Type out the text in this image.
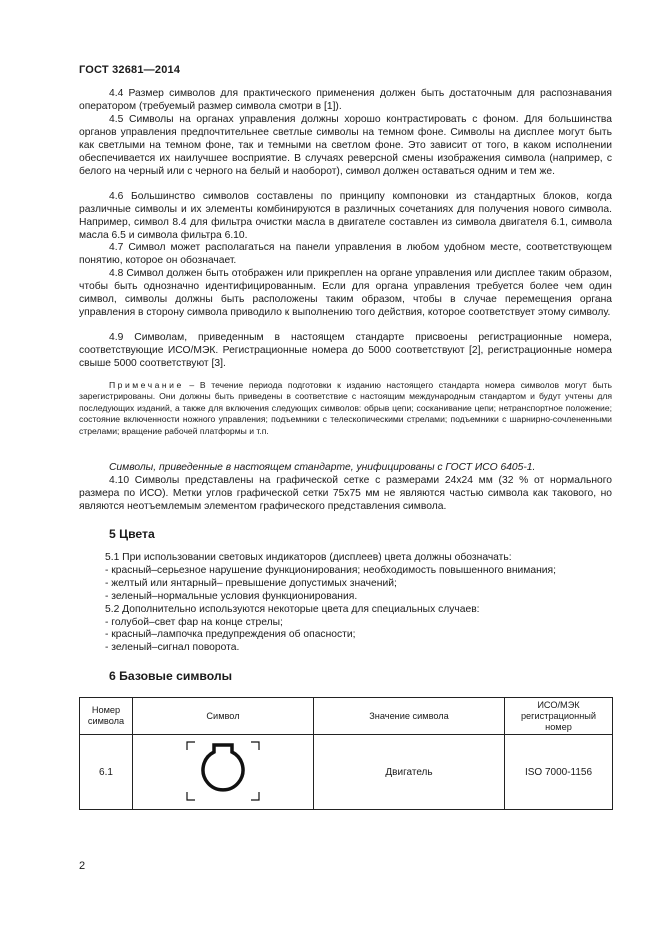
ГОСТ 32681—2014
4.4 Размер символов для практического применения должен быть достаточным для распознавания оператором (требуемый размер символа смотри в [1]).
4.5 Символы на органах управления должны хорошо контрастировать с фоном. Для большинства органов управления предпочтительнее светлые символы на темном фоне. Символы на дисплее могут быть как светлыми на темном фоне, так и темными на светлом фоне. Это зависит от того, в каком исполнении обеспечивается их наилучшее восприятие. В случаях реверсной смены изображения символа (например, с белого на черный или с черного на белый и наоборот), символ должен оставаться одним и тем же.
4.6 Большинство символов составлены по принципу компоновки из стандартных блоков, когда различные символы и их элементы комбинируются в различных сочетаниях для получения нового символа. Например, символ 8.4 для фильтра очистки масла в двигателе составлен из символа двигателя 6.1, символа масла 6.5 и символа фильтра 6.10.
4.7 Символ может располагаться на панели управления в любом удобном месте, соответствующем понятию, которое он обозначает.
4.8 Символ должен быть отображен или прикреплен на органе управления или дисплее таким образом, чтобы быть однозначно идентифицированным. Если для органа управления требуется более чем один символ, символы должны быть расположены таким образом, чтобы в случае перемещения органа управления в сторону символа приводило к выполнению того действия, которое соответствует этому символу.
4.9 Символам, приведенным в настоящем стандарте присвоены регистрационные номера, соответствующие ИСО/МЭК. Регистрационные номера до 5000 соответствуют [2], регистрационные номера свыше 5000 соответствуют [3].
Примечание – В течение периода подготовки к изданию настоящего стандарта номера символов могут быть зарегистрированы. Они должны быть приведены в соответствие с настоящим международным стандартом и будут учтены для последующих изданий, а также для включения следующих символов: обрыв цепи; сосканивание цепи; нетранспортное положение; состояние включенности ножного управления; подъемники с телескопическими стрелами; подъемники с шарнирно-сочлененными стрелами; вращение рабочей платформы и т.п.
Символы, приведенные в настоящем стандарте, унифицированы с ГОСТ ИСО 6405-1.
4.10 Символы представлены на графической сетке с размерами 24х24 мм (32 % от нормального размера по ИСО). Метки углов графической сетки 75х75 мм не являются частью символа как такового, но являются неотъемлемым элементом графического представления символа.
5 Цвета
5.1 При использовании световых индикаторов (дисплеев) цвета должны обозначать:
- красный–серьезное нарушение функционирования; необходимость повышенного внимания;
- желтый или янтарный– превышение допустимых значений;
- зеленый–нормальные условия функционирования.
5.2 Дополнительно используются некоторые цвета для специальных случаев:
- голубой–свет фар на конце стрелы;
- красный–лампочка предупреждения об опасности;
- зеленый–сигнал поворота.
6 Базовые символы
Номер символа	Символ	Значение символа	ИСО/МЭК регистрационный номер
6.1		Двигатель	ISO 7000-1156
2
